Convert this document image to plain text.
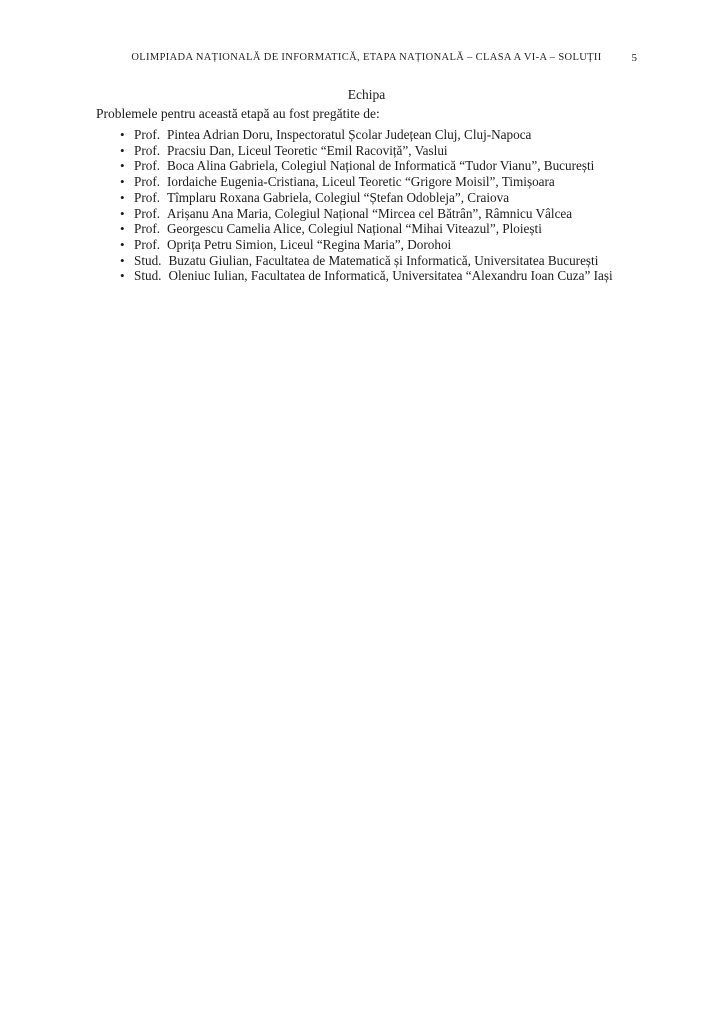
OLIMPIADA NAȚIONALĂ DE INFORMATICĂ, ETAPA NAȚIONALĂ – CLASA A VI-A – SOLUȚII	5
Echipa
Problemele pentru această etapă au fost pregătite de:
• Prof. Pintea Adrian Doru, Inspectoratul Școlar Județean Cluj, Cluj-Napoca
• Prof. Pracsiu Dan, Liceul Teoretic “Emil Racoviță”, Vaslui
• Prof. Boca Alina Gabriela, Colegiul Național de Informatică “Tudor Vianu”, București
• Prof. Iordaiche Eugenia-Cristiana, Liceul Teoretic “Grigore Moisil”, Timișoara
• Prof. Tîmplaru Roxana Gabriela, Colegiul “Ștefan Odobleja”, Craiova
• Prof. Arișanu Ana Maria, Colegiul Național “Mircea cel Bătrân”, Râmnicu Vâlcea
• Prof. Georgescu Camelia Alice, Colegiul Național “Mihai Viteazul”, Ploiești
• Prof. Oprița Petru Simion, Liceul “Regina Maria”, Dorohoi
• Stud. Buzatu Giulian, Facultatea de Matematică și Informatică, Universitatea București
• Stud. Oleniuc Iulian, Facultatea de Informatică, Universitatea “Alexandru Ioan Cuza” Iași
